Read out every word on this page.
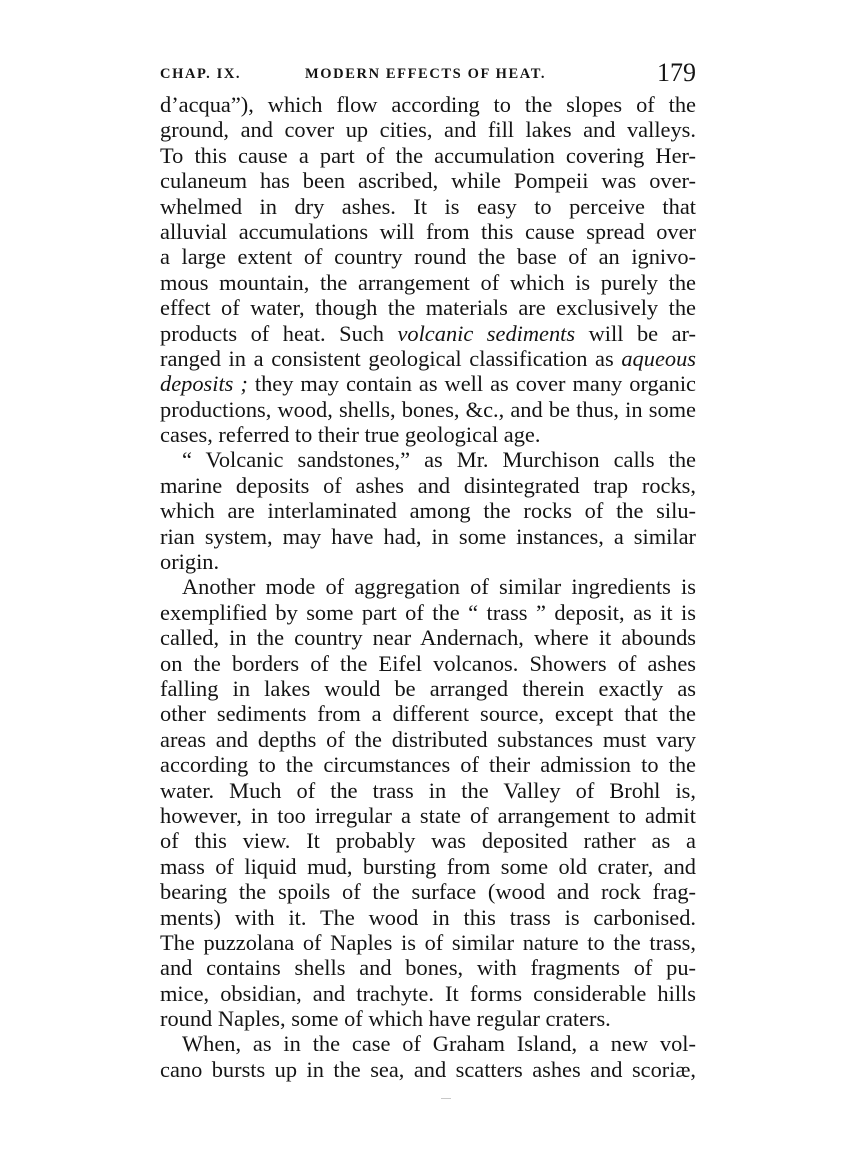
CHAP. IX.	MODERN EFFECTS OF HEAT.	179
d’acqua”), which flow according to the slopes of the
ground, and cover up cities, and fill lakes and valleys.
To this cause a part of the accumulation covering Her-
culaneum has been ascribed, while Pompeii was over-
whelmed in dry ashes. It is easy to perceive that
alluvial accumulations will from this cause spread over
a large extent of country round the base of an ignivo-
mous mountain, the arrangement of which is purely the
effect of water, though the materials are exclusively the
products of heat. Such volcanic sediments will be ar-
ranged in a consistent geological classification as aqueous
deposits ; they may contain as well as cover many organic
productions, wood, shells, bones, &c., and be thus, in some
cases, referred to their true geological age.
“ Volcanic sandstones,” as Mr. Murchison calls the
marine deposits of ashes and disintegrated trap rocks,
which are interlaminated among the rocks of the silu-
rian system, may have had, in some instances, a similar
origin.
Another mode of aggregation of similar ingredients is
exemplified by some part of the “ trass ” deposit, as it is
called, in the country near Andernach, where it abounds
on the borders of the Eifel volcanos. Showers of ashes
falling in lakes would be arranged therein exactly as
other sediments from a different source, except that the
areas and depths of the distributed substances must vary
according to the circumstances of their admission to the
water. Much of the trass in the Valley of Brohl is,
however, in too irregular a state of arrangement to admit
of this view. It probably was deposited rather as a
mass of liquid mud, bursting from some old crater, and
bearing the spoils of the surface (wood and rock frag-
ments) with it. The wood in this trass is carbonised.
The puzzolana of Naples is of similar nature to the trass,
and contains shells and bones, with fragments of pu-
mice, obsidian, and trachyte. It forms considerable hills
round Naples, some of which have regular craters.
When, as in the case of Graham Island, a new vol-
cano bursts up in the sea, and scatters ashes and scoriæ,
